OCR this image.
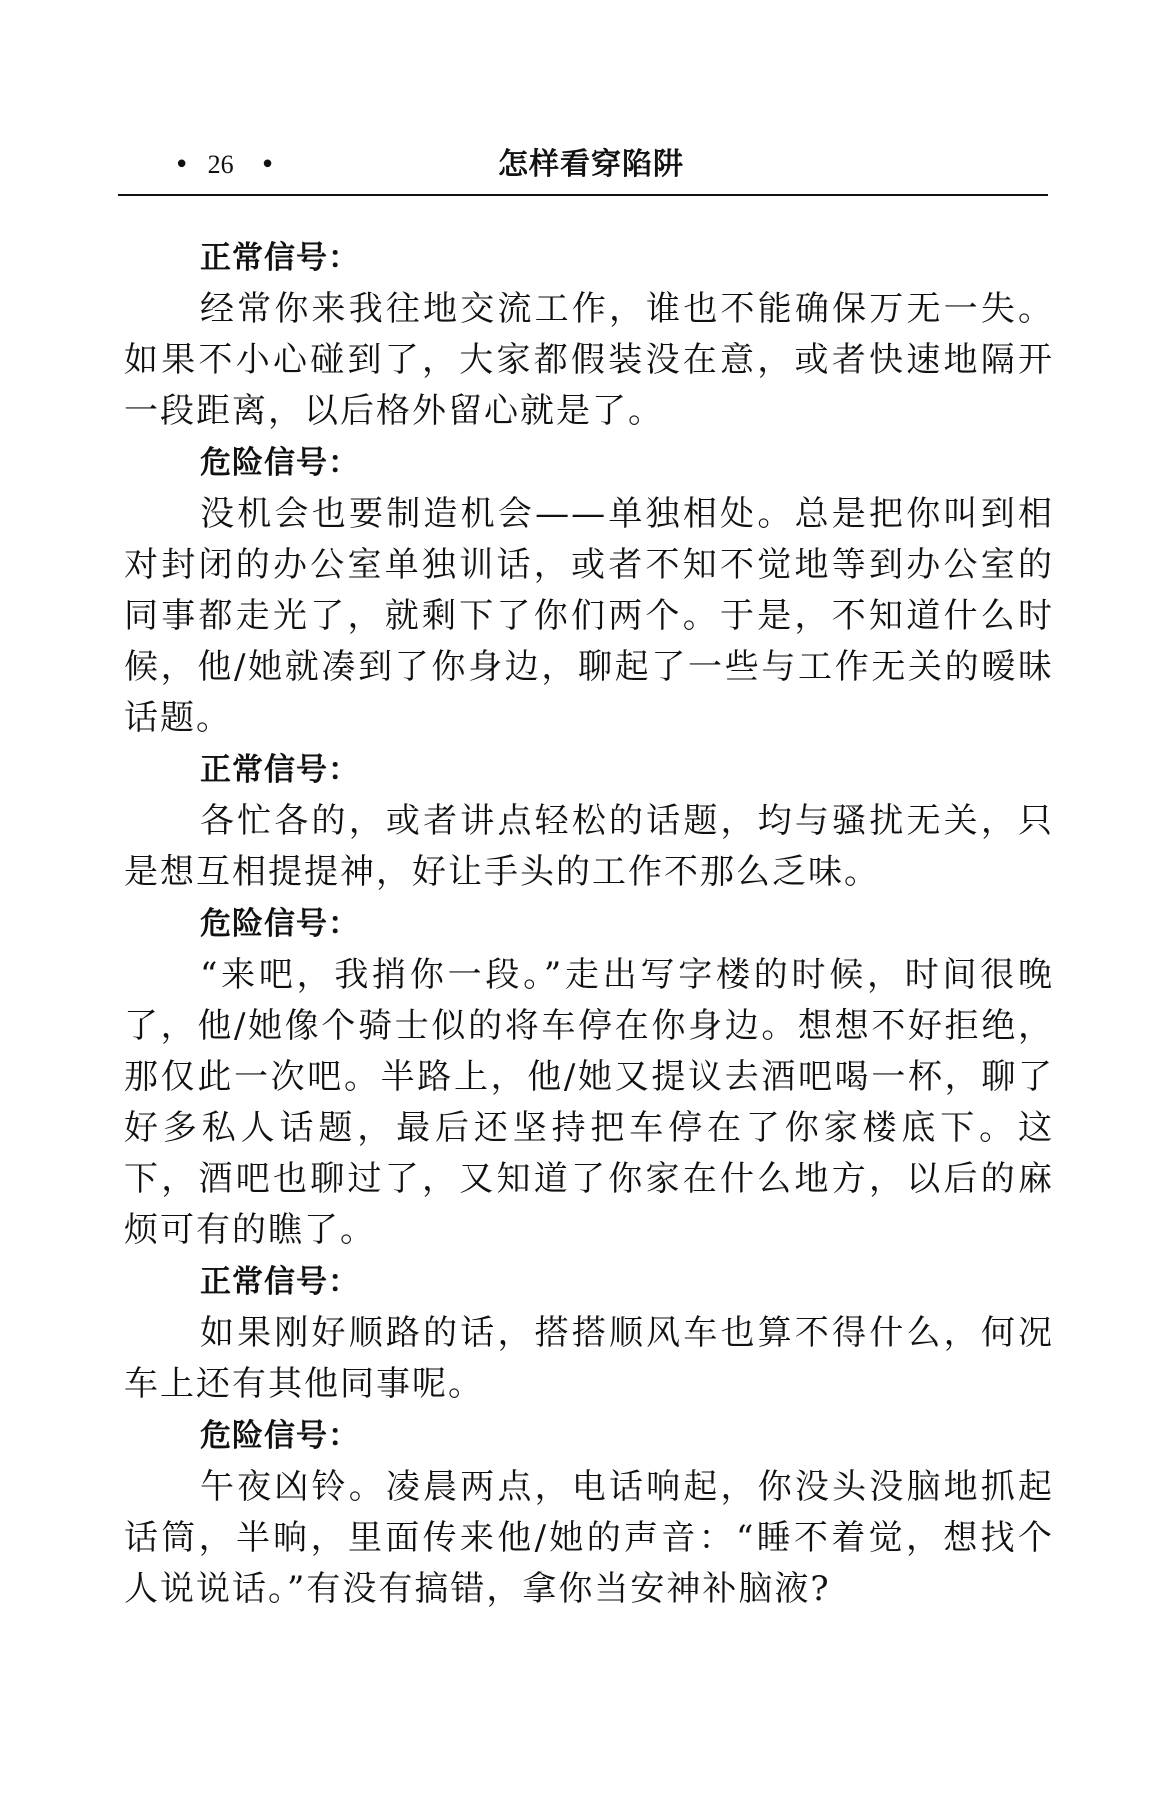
• 26 •	怎样看穿陷阱

正常信号：

经常你来我往地交流工作，谁也不能确保万无一失。如果不小心碰到了，大家都假装没在意，或者快速地隔开一段距离，以后格外留心就是了。

危险信号：

没机会也要制造机会——单独相处。总是把你叫到相对封闭的办公室单独训话，或者不知不觉地等到办公室的同事都走光了，就剩下了你们两个。于是，不知道什么时候，他/她就凑到了你身边，聊起了一些与工作无关的暧昧话题。

正常信号：

各忙各的，或者讲点轻松的话题，均与骚扰无关，只是想互相提提神，好让手头的工作不那么乏味。

危险信号：

“来吧，我捎你一段。”走出写字楼的时候，时间很晚了，他/她像个骑士似的将车停在你身边。想想不好拒绝，那仅此一次吧。半路上，他/她又提议去酒吧喝一杯，聊了好多私人话题，最后还坚持把车停在了你家楼底下。这下，酒吧也聊过了，又知道了你家在什么地方，以后的麻烦可有的瞧了。

正常信号：

如果刚好顺路的话，搭搭顺风车也算不得什么，何况车上还有其他同事呢。

危险信号：

午夜凶铃。凌晨两点，电话响起，你没头没脑地抓起话筒，半晌，里面传来他/她的声音：“睡不着觉，想找个人说说话。”有没有搞错，拿你当安神补脑液?
